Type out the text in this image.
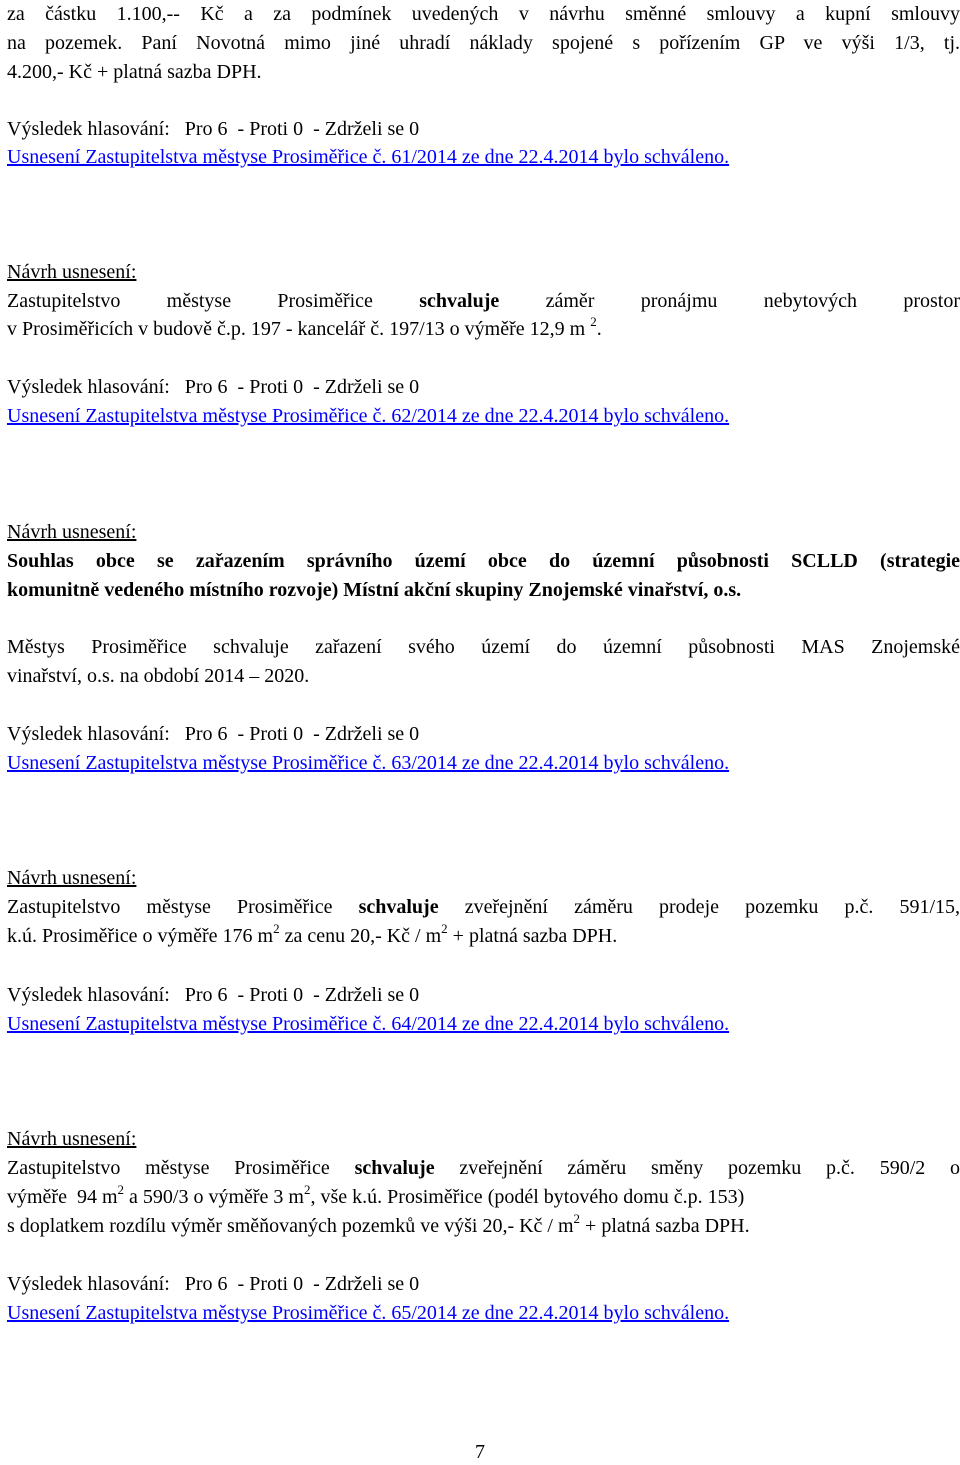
za částku 1.100,-- Kč a za podmínek uvedených v návrhu směnné smlouvy a kupní smlouvy
na pozemek. Paní Novotná mimo jiné uhradí náklady spojené s pořízením GP ve výši 1/3, tj.
4.200,- Kč + platná sazba DPH.
Výsledek hlasování: Pro 6 - Proti 0 - Zdrželi se 0
Usnesení Zastupitelstva městyse Prosiměřice č. 61/2014 ze dne 22.4.2014 bylo schváleno.
Návrh usnesení:
Zastupitelstvo městyse Prosiměřice schvaluje záměr pronájmu nebytových prostor
v Prosiměřicích v budově č.p. 197 - kancelář č. 197/13 o výměře 12,9 m $^2$.
Výsledek hlasování: Pro 6 - Proti 0 - Zdrželi se 0
Usnesení Zastupitelstva městyse Prosiměřice č. 62/2014 ze dne 22.4.2014 bylo schváleno.
Návrh usnesení:
Souhlas obce se zařazením správního území obce do územní působnosti SCLLD (strategie
komunitně vedeného místního rozvoje) Místní akční skupiny Znojemské vinařství, o.s.
Městys Prosiměřice schvaluje zařazení svého území do územní působnosti MAS Znojemské
vinařství, o.s. na období 2014 – 2020.
Výsledek hlasování: Pro 6 - Proti 0 - Zdrželi se 0
Usnesení Zastupitelstva městyse Prosiměřice č. 63/2014 ze dne 22.4.2014 bylo schváleno.
Návrh usnesení:
Zastupitelstvo městyse Prosiměřice schvaluje zveřejnění záměru prodeje pozemku p.č. 591/15,
k.ú. Prosiměřice o výměře 176 $m^2$ za cenu 20,- Kč / $m^2$ + platná sazba DPH.
Výsledek hlasování: Pro 6 - Proti 0 - Zdrželi se 0
Usnesení Zastupitelstva městyse Prosiměřice č. 64/2014 ze dne 22.4.2014 bylo schváleno.
Návrh usnesení:
Zastupitelstvo městyse Prosiměřice schvaluje zveřejnění záměru směny pozemku p.č. 590/2 o
výměře  94 $m^2$ a 590/3 o výměře 3 $m^2$, vše k.ú. Prosiměřice (podél bytového domu č.p. 153)
s doplatkem rozdílu výměr směňovaných pozemků ve výši 20,- Kč / $m^2$ + platná sazba DPH.
Výsledek hlasování: Pro 6 - Proti 0 - Zdrželi se 0
Usnesení Zastupitelstva městyse Prosiměřice č. 65/2014 ze dne 22.4.2014 bylo schváleno.
7
